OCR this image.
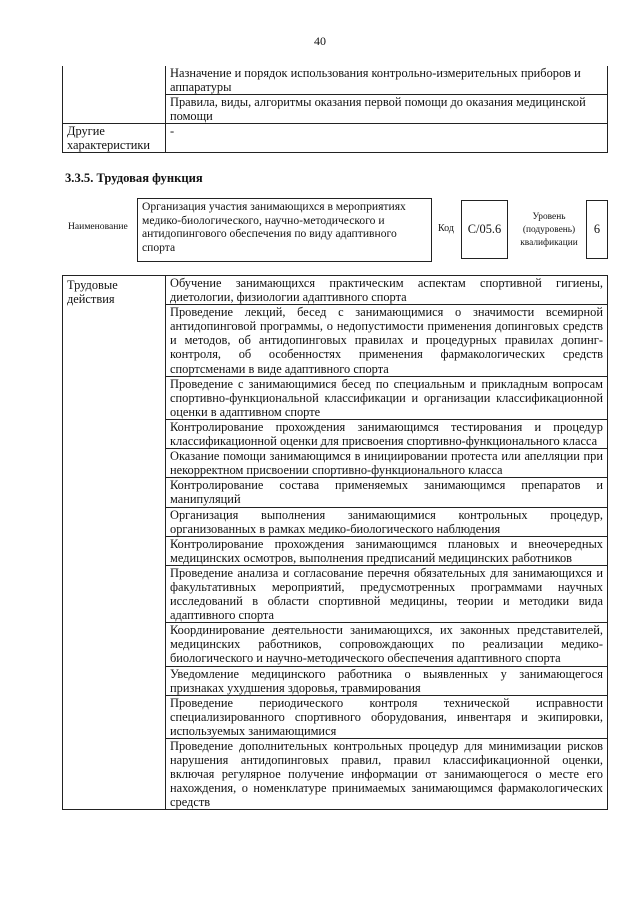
40
	Назначение и порядок использования контрольно-измерительных приборов и аппаратуры
	Правила, виды, алгоритмы оказания первой помощи до оказания медицинской помощи
Другие характеристики	-
3.3.5. Трудовая функция
Наименование
Организация участия занимающихся в мероприятиях медико-биологического, научно-методического и антидопингового обеспечения по виду адаптивного спорта
Код	C/05.6
Уровень (подуровень) квалификации
6
Трудовые действия	Обучение занимающихся практическим аспектам спортивной гигиены, диетологии, физиологии адаптивного спорта
Проведение лекций, бесед с занимающимися о значимости всемирной антидопинговой программы, о недопустимости применения допинговых средств и методов, об антидопинговых правилах и процедурных правилах допинг-контроля, об особенностях применения фармакологических средств спортсменами в виде адаптивного спорта
Проведение с занимающимися бесед по специальным и прикладным вопросам спортивно-функциональной классификации и организации классификационной оценки в адаптивном спорте
Контролирование прохождения занимающимся тестирования и процедур классификационной оценки для присвоения спортивно-функционального класса
Оказание помощи занимающимся в инициировании протеста или апелляции при некорректном присвоении спортивно-функционального класса
Контролирование состава применяемых занимающимся препаратов и манипуляций
Организация выполнения занимающимися контрольных процедур, организованных в рамках медико-биологического наблюдения
Контролирование прохождения занимающимся плановых и внеочередных медицинских осмотров, выполнения предписаний медицинских работников
Проведение анализа и согласование перечня обязательных для занимающихся и факультативных мероприятий, предусмотренных программами научных исследований в области спортивной медицины, теории и методики вида адаптивного спорта
Координирование деятельности занимающихся, их законных представителей, медицинских работников, сопровождающих по реализации медико-биологического и научно-методического обеспечения адаптивного спорта
Уведомление медицинского работника о выявленных у занимающегося признаках ухудшения здоровья, травмирования
Проведение периодического контроля технической исправности специализированного спортивного оборудования, инвентаря и экипировки, используемых занимающимися
Проведение дополнительных контрольных процедур для минимизации рисков нарушения антидопинговых правил, правил классификационной оценки, включая регулярное получение информации от занимающегося о месте его нахождения, о номенклатуре принимаемых занимающимся фармакологических средств
